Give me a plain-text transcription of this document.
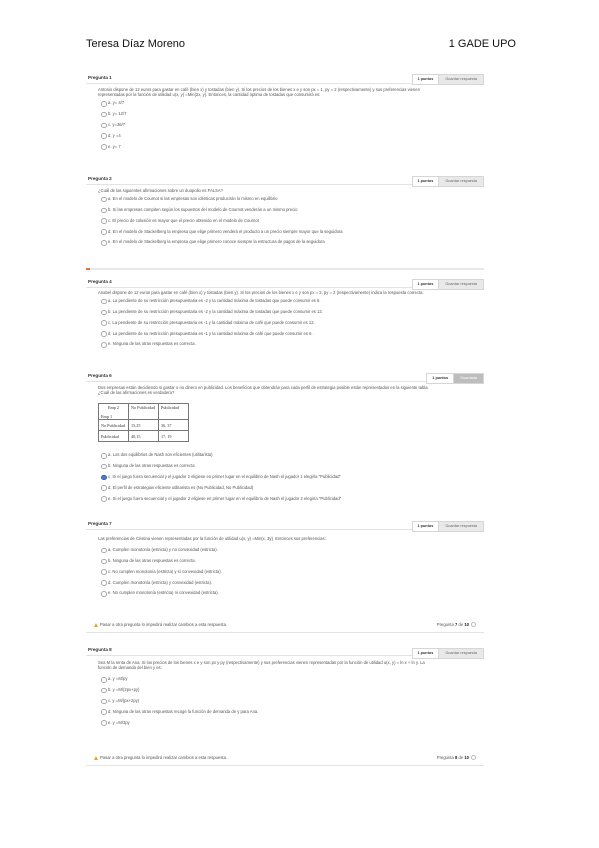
Teresa Díaz Moreno	1 GADE UPO
Pregunta 1	1 puntos	Guardar respuesta
Antonio dispone de 12 euros para gastar en café (bien x) y tostadas (bien y). Si los precios de los bienes x e y son px = 1, py = 2 (respectivamente) y sus preferencias vienen representadas por la función de utilidad u(x, y) =Min{2x, y}. Entonces, la cantidad óptima de tostadas que consumirá es:
a. y= 4/7
b. y= 12/7
c. y=36/7
d. y =4
e. y= 7
Pregunta 2	1 puntos	Guardar respuesta
¿Cuál de las siguientes afirmaciones sobre un duopolio es FALSA?
a. En el modelo de Cournot si las empresas son idénticas producirán lo mismo en equilibrio
b. Si las empresas compiten según los supuestos del modelo de Cournot venderán a un mismo precio
c. El precio de colusión es mayor que el precio obtenido en el modelo de Cournot
d. En el modelo de Stackelberg la empresa que elige primero venderá el producto a un precio siempre mayor que la seguidora
e. En el modelo de Stackelberg la empresa que elige primero conoce siempre la estructura de pagos de la seguidora
Pregunta 4	1 puntos	Guardar respuesta
Anabel dispone de 12 euros para gastar en café (bien x) y tostadas (bien y). Si los precios de los bienes x e y son px = 2, py = 2 (respectivamente) indica la respuesta correcta:
a. La pendiente de su restricción presupuestaria es -2 y la cantidad máxima de tostadas que puede consumir es 6.
b. La pendiente de su restricción presupuestaria es -2 y la cantidad máxima de tostadas que puede consumir es 12.
c. La pendiente de su restricción presupuestaria es -1 y la cantidad máxima de café que puede consumir es 12.
d. La pendiente de su restricción presupuestaria es -1 y la cantidad máxima de café que puede consumir es 6.
e. Ninguna de las otras respuestas es correcta.
Pregunta 6	1 puntos	Guardada
Dos empresas están decidiendo si gastar o no dinero en publicidad. Los beneficios que obtendrán para cada perfil de estrategia posible están representados en la siguiente tabla. ¿Cuál de las afirmaciones es verdadera?
Emp 2
Emp 1	No Publicidad	Publicidad
No Publicidad	15,25	36, 37
Publicidad	40,15	17, 19
a. Los dos equilibrios de Nash son eficientes (utilitarista)
b. Ninguna de las otras respuestas es correcta.
c. Si el juego fuera secuencial y el jugador 2 eligiese en primer lugar en el equilibrio de Nash el jugador 1 elegiría "Publicidad"
d. El perfil de estrategias eficiente utilitarista es (No Publicidad, No Publicidad)
e. Si el juego fuera secuencial y el jugador 2 eligiese en primer lugar en el equilibrio de Nash el jugador 2 elegiría "Publicidad"
Pregunta 7	1 puntos	Guardar respuesta
Las preferencias de Cristina vienen representadas por la función de utilidad u(x, y) =Min{x, 3y}. Entonces sus preferencias:
a. Cumplen monotonía (estricta) y no convexidad (estricta).
b. Ninguna de las otras respuestas es correcta.
c. No cumplen monotonía (estricta) y sí convexidad (estricta).
d. Cumplen monotonía (estricta) y convexidad (estricta).
e. No cumplen monotonía (estricta) ni convexidad (estricta).
Pasar a otra pregunta lo impedirá realizar cambios a esta respuesta.	Pregunta 7 de 10
Pregunta 8
1 puntos	Guardar respuesta
Sea M la renta de Ana. Si los precios de los bienes x e y son px y py (respectivamente) y sus preferencias vienen representadas por la función de utilidad u(x, y) = ln x + ln y. La función de demanda del bien y es:
a. y =M/py
b. y =M/(2px+py)
c. y =M/(px+2py)
d. Ninguna de las otras respuestas recoge la función de demanda de y para Ana.
e. y =M/3py
Pasar a otra pregunta lo impedirá realizar cambios a esta respuesta.	Pregunta 8 de 10
